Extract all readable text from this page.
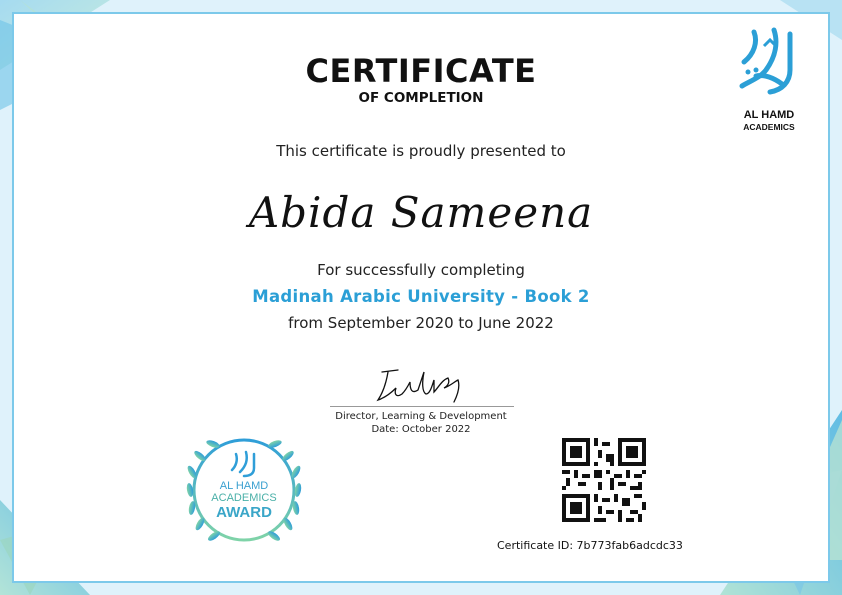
CERTIFICATE
OF COMPLETION
This certificate is proudly presented to
Abida Sameena
For successfully completing
Madinah Arabic University - Book 2
from September 2020 to June 2022
Director, Learning & Development
Date: October 2022
AL HAMD
ACADEMICS
AL HAMD
ACADEMICS
AWARD
Certificate ID: 7b773fab6adcdc33
